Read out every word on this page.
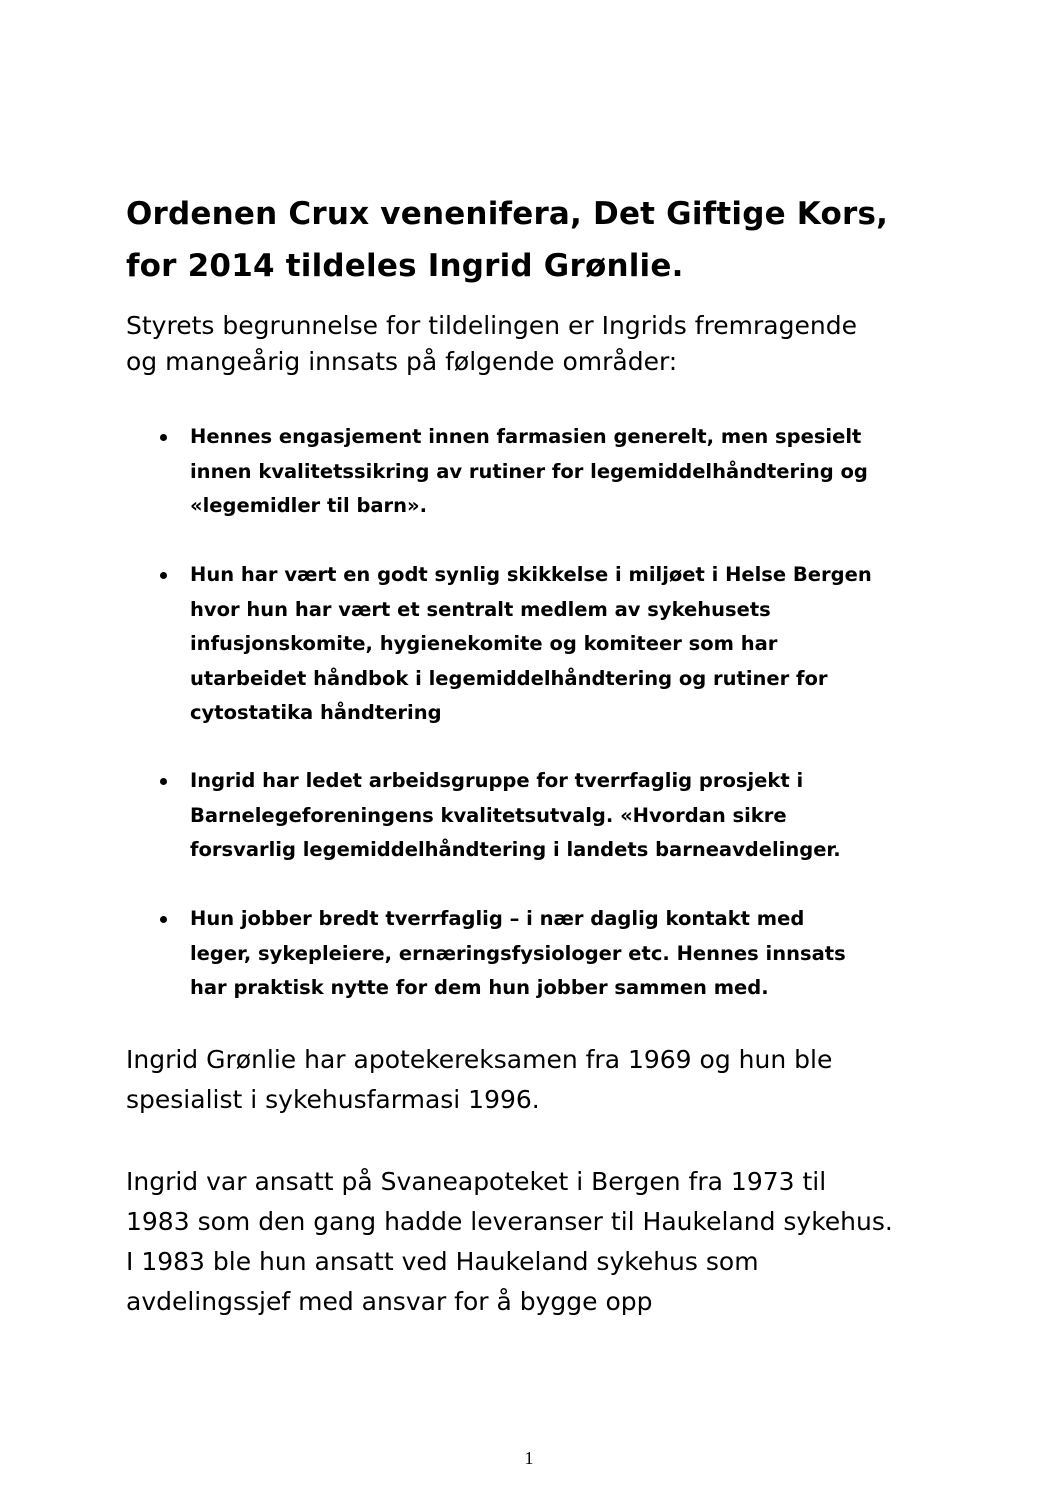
Ordenen Crux venenifera, Det Giftige Kors,
for 2014 tildeles Ingrid Grønlie.

Styrets begrunnelse for tildelingen er Ingrids fremragende
og mangeårig innsats på følgende områder:

Hennes engasjement innen farmasien generelt, men spesielt
innen kvalitetssikring av rutiner for legemiddelhåndtering og
«legemidler til barn».
Hun har vært en godt synlig skikkelse i miljøet i Helse Bergen
hvor hun har vært et sentralt medlem av sykehusets
infusjonskomite, hygienekomite og komiteer som har
utarbeidet håndbok i legemiddelhåndtering og rutiner for
cytostatika håndtering
Ingrid har ledet arbeidsgruppe for tverrfaglig prosjekt i
Barnelegeforeningens kvalitetsutvalg. «Hvordan sikre
forsvarlig legemiddelhåndtering i landets barneavdelinger.
Hun jobber bredt tverrfaglig – i nær daglig kontakt med
leger, sykepleiere, ernæringsfysiologer etc. Hennes innsats
har praktisk nytte for dem hun jobber sammen med.

Ingrid Grønlie har apotekereksamen fra 1969 og hun ble
spesialist i sykehusfarmasi 1996.

Ingrid var ansatt på Svaneapoteket i Bergen fra 1973 til
1983 som den gang hadde leveranser til Haukeland sykehus.
I 1983 ble hun ansatt ved Haukeland sykehus som
avdelingssjef med ansvar for å bygge opp

1
